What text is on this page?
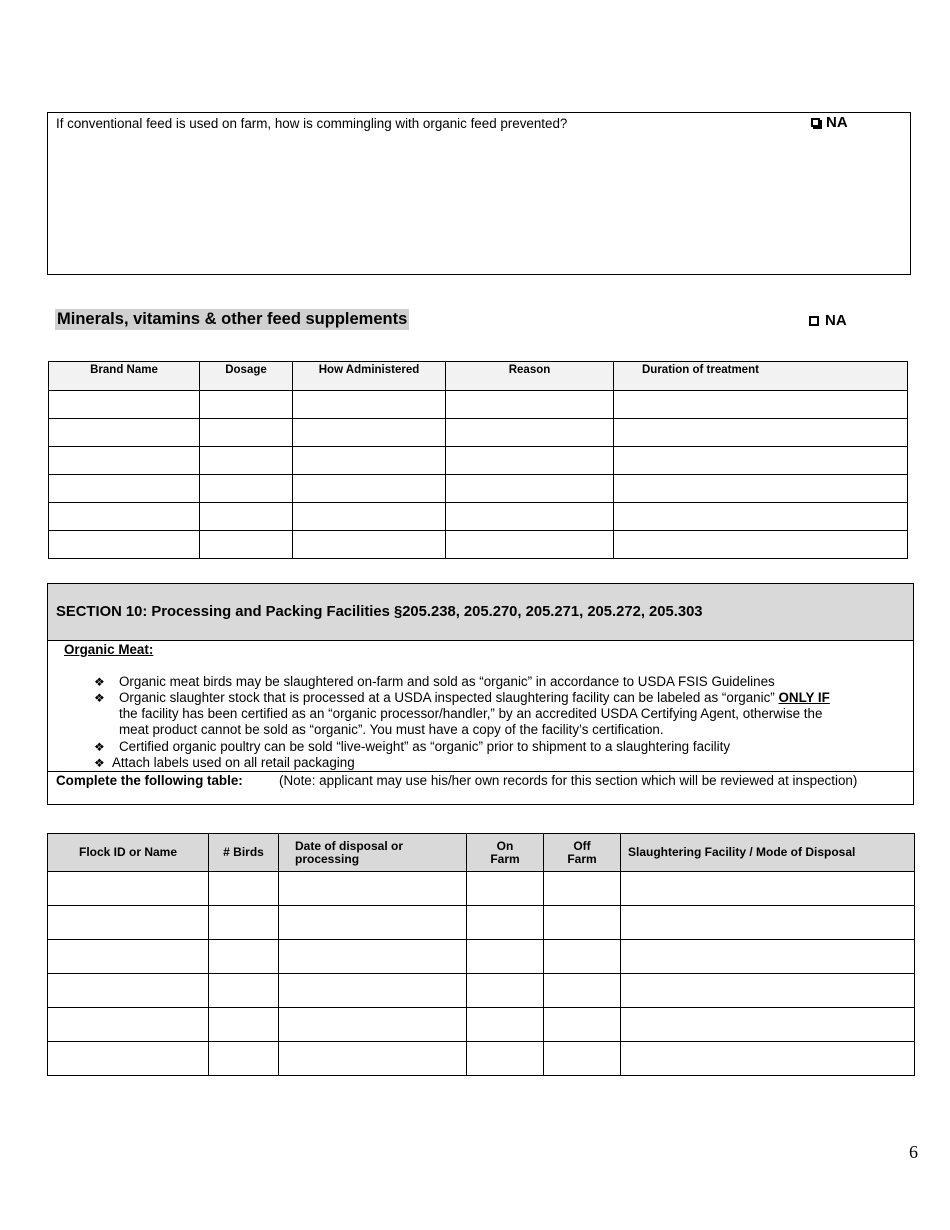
If conventional feed is used on farm, how is commingling with organic feed prevented?	NA
Minerals, vitamins & other feed supplements	NA
Brand Name	Dosage	How Administered	Reason	Duration of treatment

SECTION 10: Processing and Packing Facilities §205.238, 205.270, 205.271, 205.272, 205.303
Organic Meat:
❖ Organic meat birds may be slaughtered on-farm and sold as “organic” in accordance to USDA FSIS Guidelines
❖ Organic slaughter stock that is processed at a USDA inspected slaughtering facility can be labeled as “organic” ONLY IF
the facility has been certified as an “organic processor/handler,” by an accredited USDA Certifying Agent, otherwise the
meat product cannot be sold as “organic”. You must have a copy of the facility’s certification.
❖ Certified organic poultry can be sold “live-weight” as “organic” prior to shipment to a slaughtering facility
❖ Attach labels used on all retail packaging
Complete the following table:	(Note: applicant may use his/her own records for this section which will be reviewed at inspection)
Flock ID or Name	# Birds	Date of disposal or processing	On Farm	Off Farm	Slaughtering Facility / Mode of Disposal

6
